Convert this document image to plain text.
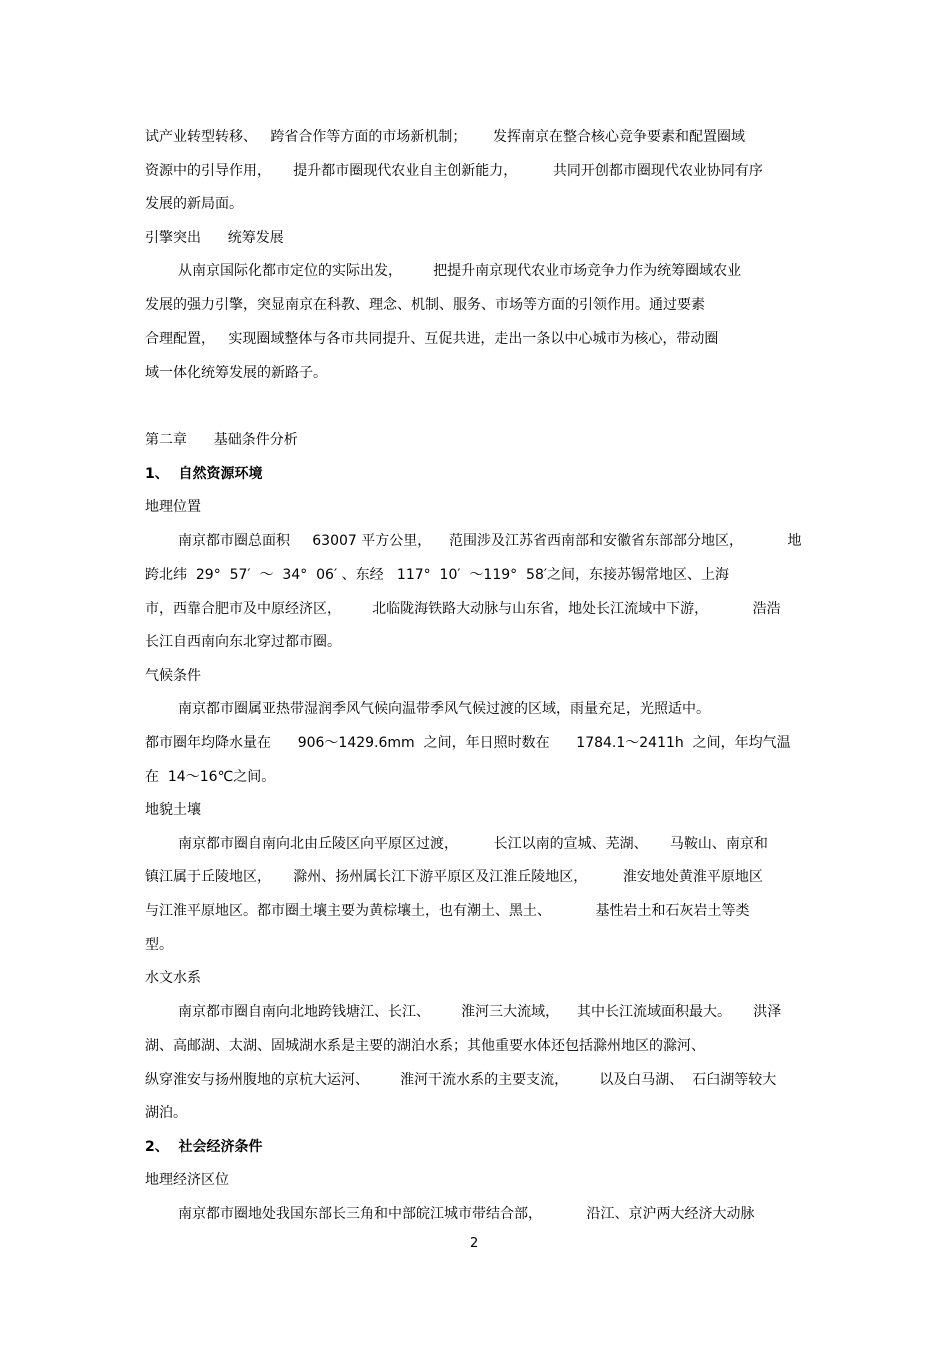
试产业转型转移、   跨省合作等方面的市场新机制；      发挥南京在整合核心竞争要素和配置圈域
资源中的引导作用，     提升都市圈现代农业自主创新能力，        共同开创都市圈现代农业协同有序
发展的新局面。
引擎突出      统筹发展
从南京国际化都市定位的实际出发，       把提升南京现代农业市场竞争力作为统筹圈域农业
发展的强力引擎，突显南京在科教、理念、机制、服务、市场等方面的引领作用。通过要素
合理配置，   实现圈域整体与各市共同提升、互促共进，走出一条以中心城市为核心，带动圈
域一体化统筹发展的新路子。
第二章      基础条件分析
1、  自然资源环境
地理位置
南京都市圈总面积     63007 平方公里，    范围涉及江苏省西南部和安徽省东部部分地区，          地
跨北纬  29°  57′  ～  34°  06′ 、东经   117°  10′  ～119°  58′之间，东接苏锡常地区、上海
市，西靠合肥市及中原经济区，       北临陇海铁路大动脉与山东省，地处长江流域中下游，          浩浩
长江自西南向东北穿过都市圈。
气候条件
南京都市圈属亚热带湿润季风气候向温带季风气候过渡的区域，雨量充足，光照适中。
都市圈年均降水量在      906～1429.6mm  之间，年日照时数在      1784.1～2411h  之间，年均气温
在  14～16℃之间。
地貌土壤
南京都市圈自南向北由丘陵区向平原区过渡，        长江以南的宣城、芜湖、     马鞍山、南京和
镇江属于丘陵地区，     滁州、扬州属长江下游平原区及江淮丘陵地区，        淮安地处黄淮平原地区
与江淮平原地区。都市圈土壤主要为黄棕壤土，也有潮土、黑土、          基性岩土和石灰岩土等类
型。
水文水系
南京都市圈自南向北地跨钱塘江、长江、       淮河三大流域，    其中长江流域面积最大。     洪泽
湖、高邮湖、太湖、固城湖水系是主要的湖泊水系；其他重要水体还包括滁州地区的滁河、
纵穿淮安与扬州腹地的京杭大运河、       淮河干流水系的主要支流，       以及白马湖、  石臼湖等较大
湖泊。
2、  社会经济条件
地理经济区位
南京都市圈地处我国东部长三角和中部皖江城市带结合部，          沿江、京沪两大经济大动脉
2
